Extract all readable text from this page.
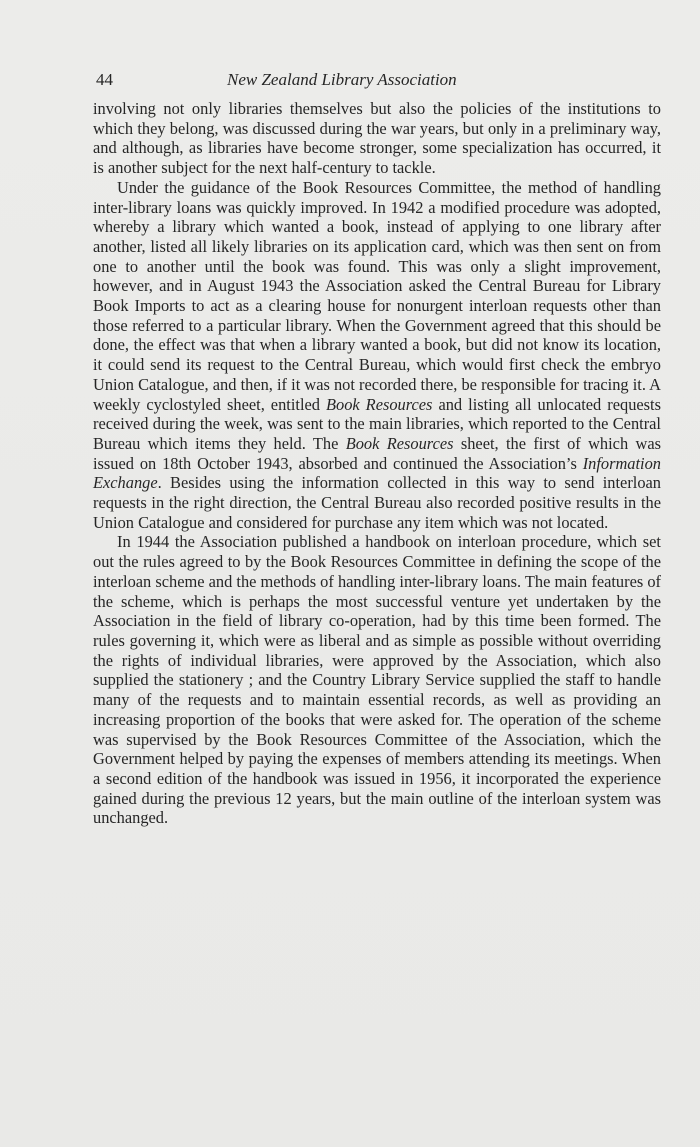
44	New Zealand Library Association

involving not only libraries themselves but also the policies of the institutions to which they belong, was discussed during the war years, but only in a preliminary way, and although, as libraries have become stronger, some specialization has occurred, it is another subject for the next half-century to tackle.

Under the guidance of the Book Resources Committee, the method of handling inter-library loans was quickly improved. In 1942 a modified procedure was adopted, whereby a library which wanted a book, instead of applying to one library after another, listed all likely libraries on its application card, which was then sent on from one to another until the book was found. This was only a slight improvement, however, and in August 1943 the Association asked the Central Bureau for Library Book Imports to act as a clearing house for nonurgent interloan requests other than those referred to a particular library. When the Government agreed that this should be done, the effect was that when a library wanted a book, but did not know its location, it could send its request to the Central Bureau, which would first check the embryo Union Catalogue, and then, if it was not recorded there, be responsible for tracing it. A weekly cyclostyled sheet, entitled Book Resources and listing all unlocated requests received during the week, was sent to the main libraries, which reported to the Central Bureau which items they held. The Book Resources sheet, the first of which was issued on 18th October 1943, absorbed and continued the Association’s Information Exchange. Besides using the information collected in this way to send interloan requests in the right direction, the Central Bureau also recorded positive results in the Union Catalogue and considered for purchase any item which was not located.

In 1944 the Association published a handbook on interloan procedure, which set out the rules agreed to by the Book Resources Committee in defining the scope of the interloan scheme and the methods of handling inter-library loans. The main features of the scheme, which is perhaps the most successful venture yet undertaken by the Association in the field of library co-operation, had by this time been formed. The rules governing it, which were as liberal and as simple as possible without overriding the rights of individual libraries, were approved by the Association, which also supplied the stationery ; and the Country Library Service supplied the staff to handle many of the requests and to maintain essential records, as well as providing an increasing proportion of the books that were asked for. The operation of the scheme was supervised by the Book Resources Committee of the Association, which the Government helped by paying the expenses of members attending its meetings. When a second edition of the handbook was issued in 1956, it incorporated the experience gained during the previous 12 years, but the main outline of the interloan system was unchanged.
